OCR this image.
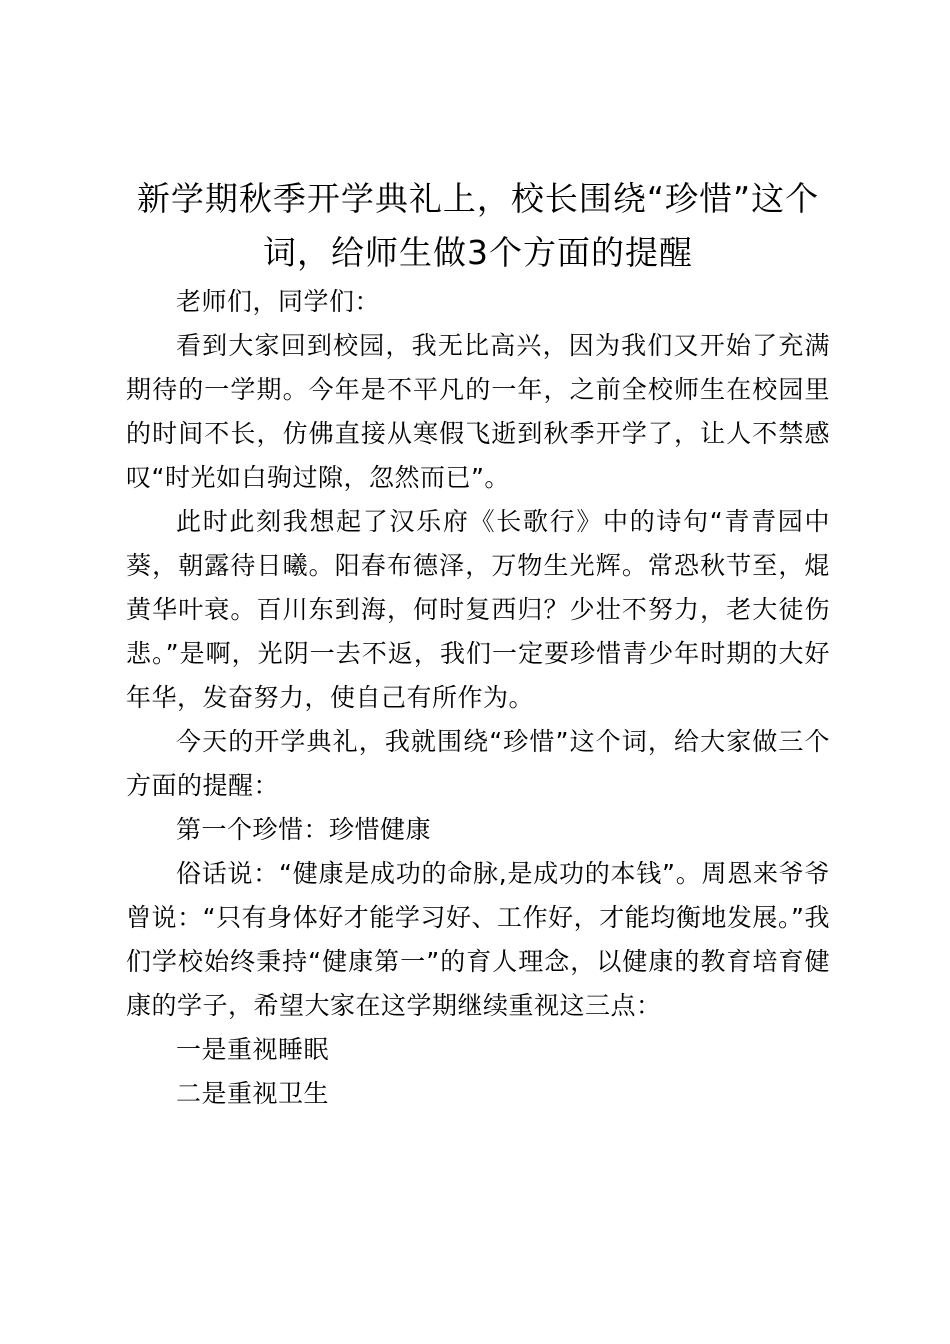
新学期秋季开学典礼上，校长围绕“珍惜”这个词，给师生做3个方面的提醒

老师们，同学们：

看到大家回到校园，我无比高兴，因为我们又开始了充满期待的一学期。今年是不平凡的一年，之前全校师生在校园里的时间不长，仿佛直接从寒假飞逝到秋季开学了，让人不禁感叹“时光如白驹过隙，忽然而已”。

此时此刻我想起了汉乐府《长歌行》中的诗句“青青园中葵，朝露待日曦。阳春布德泽，万物生光辉。常恐秋节至，焜黄华叶衰。百川东到海，何时复西归？少壮不努力，老大徒伤悲。”是啊，光阴一去不返，我们一定要珍惜青少年时期的大好年华，发奋努力，使自己有所作为。

今天的开学典礼，我就围绕“珍惜”这个词，给大家做三个方面的提醒：

第一个珍惜：珍惜健康

俗话说：“健康是成功的命脉,是成功的本钱”。周恩来爷爷曾说：“只有身体好才能学习好、工作好，才能均衡地发展。”我们学校始终秉持“健康第一”的育人理念，以健康的教育培育健康的学子，希望大家在这学期继续重视这三点：

一是重视睡眠

二是重视卫生
